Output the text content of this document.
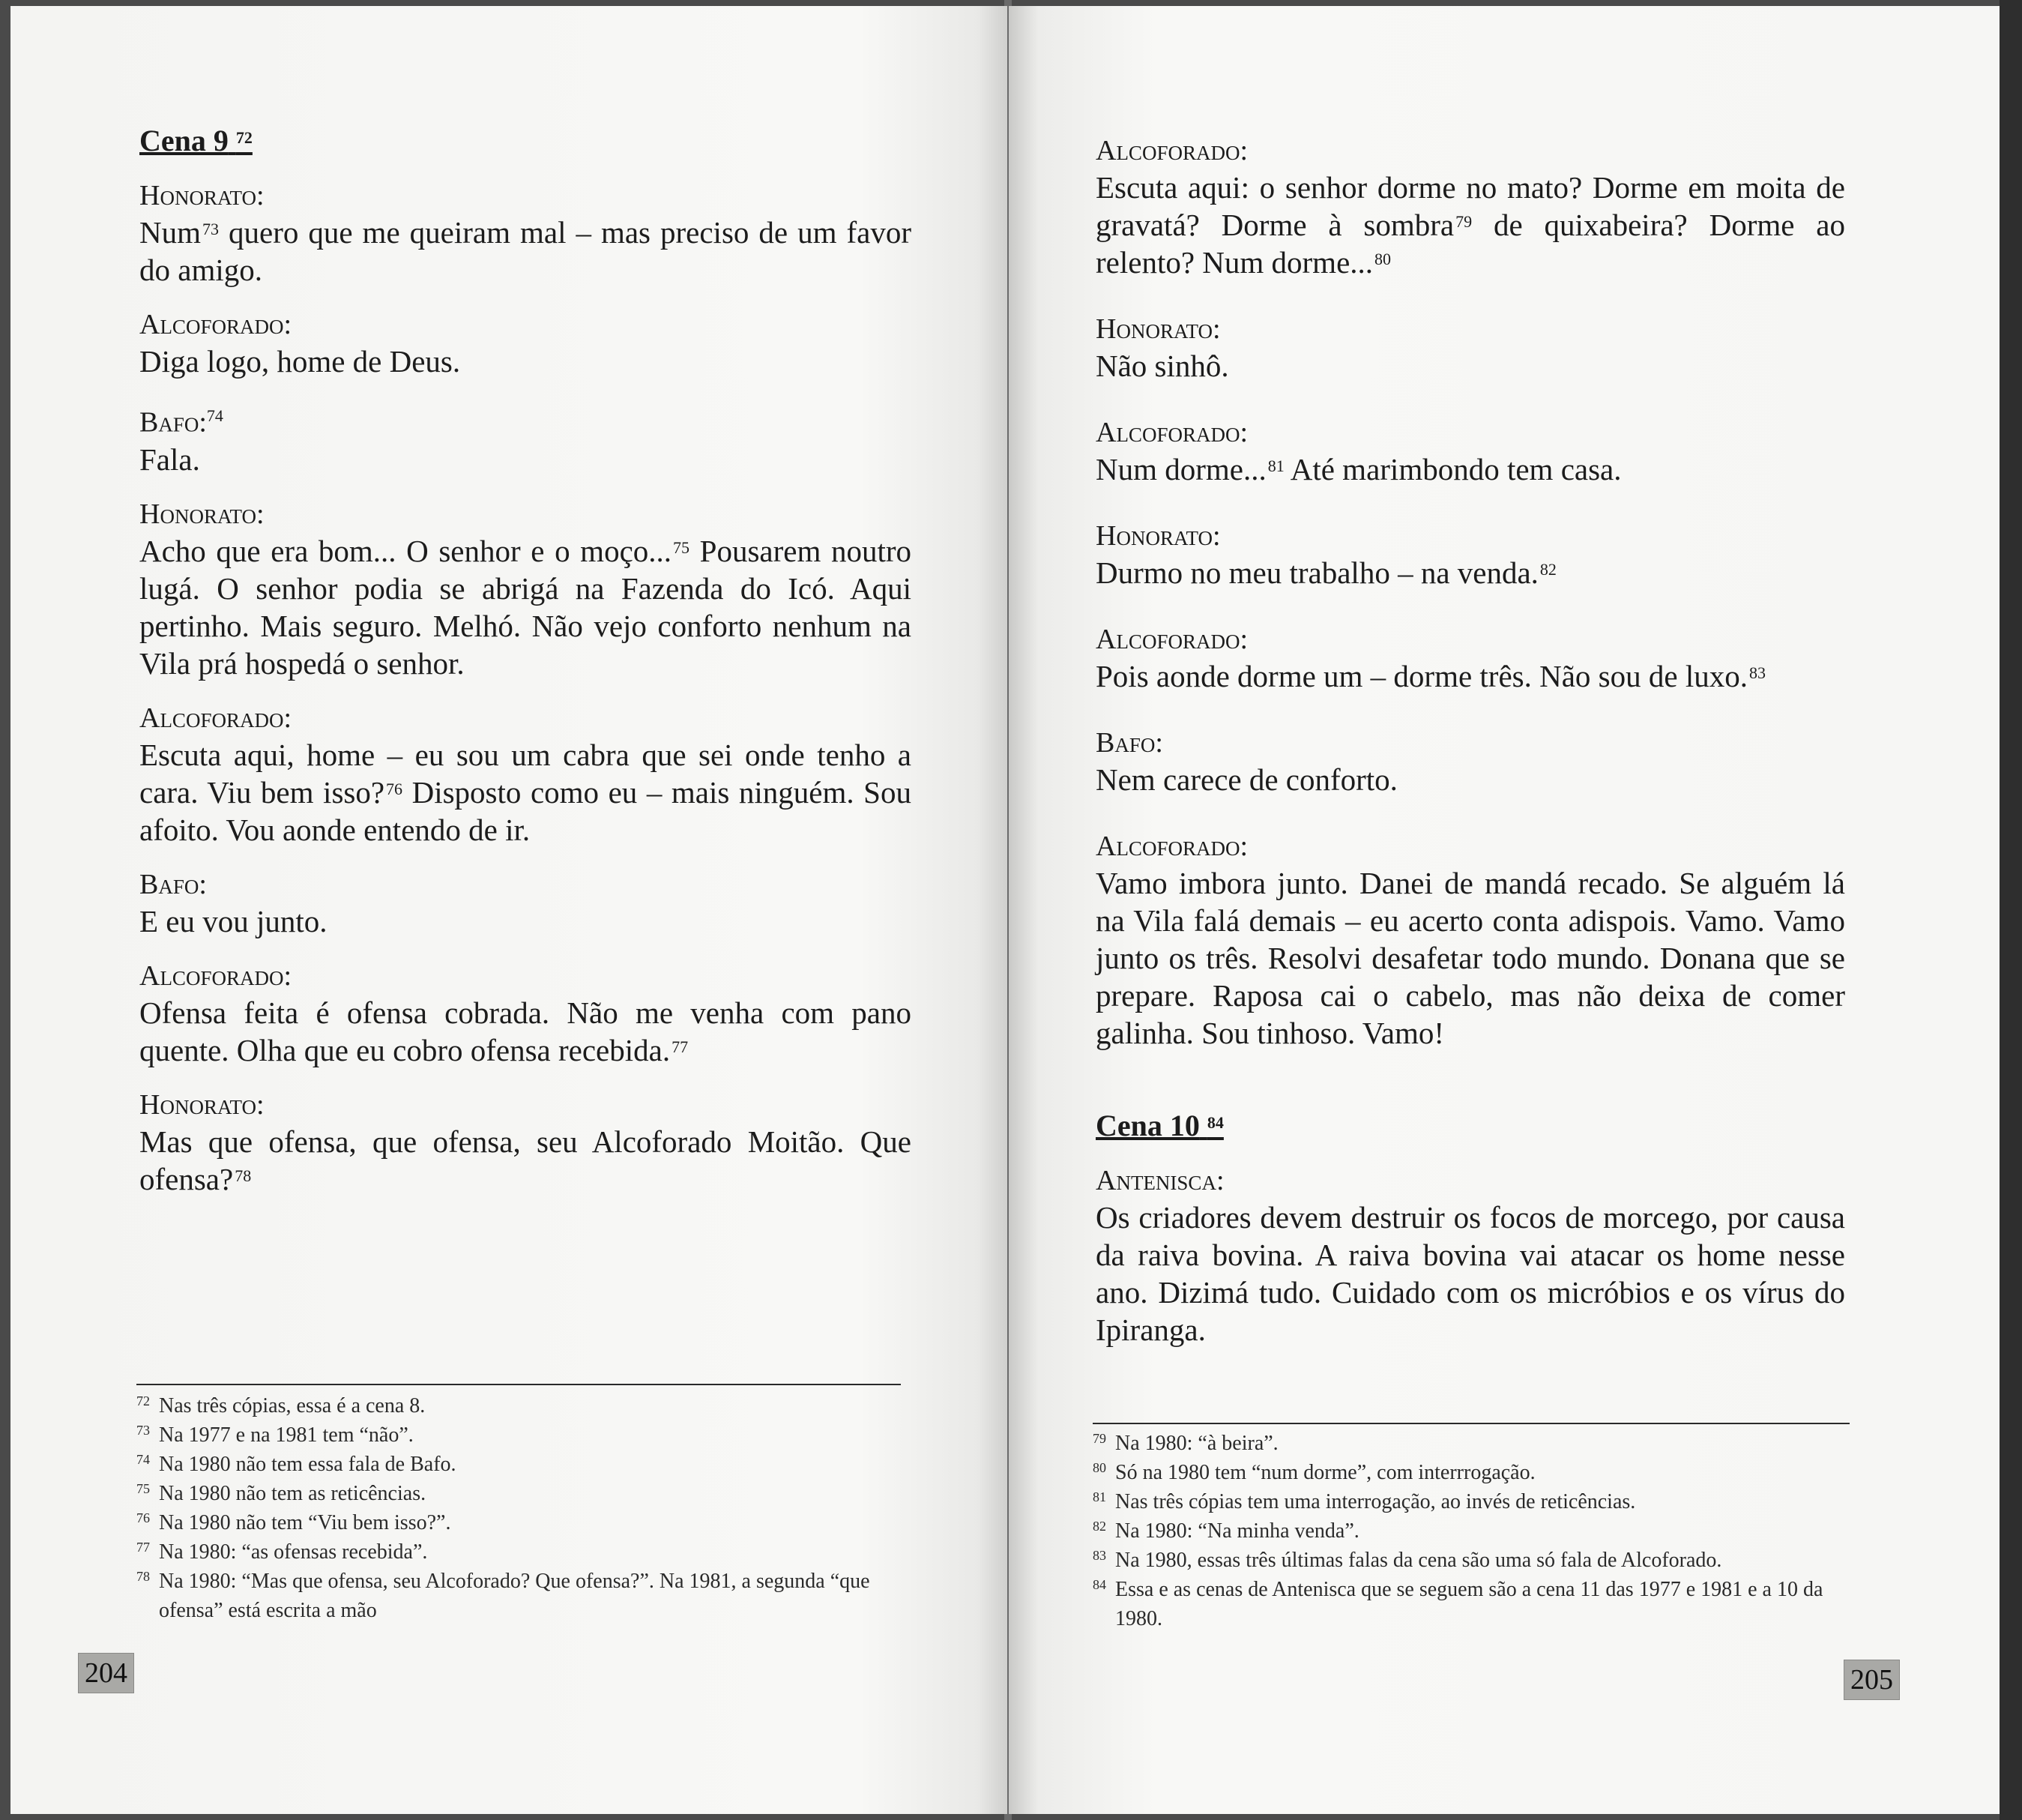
Cena 9 $^{72}$
Honorato:
Num$^{73}$ quero que me queiram mal – mas preciso de um favor do amigo.
Alcoforado:
Diga logo, home de Deus.
Bafo:$^{74}$
Fala.
Honorato:
Acho que era bom... O senhor e o moço...$^{75}$ Pousarem noutro lugá. O senhor podia se abrigá na Fazenda do Icó. Aqui pertinho. Mais seguro. Melhó. Não vejo conforto nenhum na Vila prá hospedá o senhor.
Alcoforado:
Escuta aqui, home – eu sou um cabra que sei onde tenho a cara. Viu bem isso?$^{76}$ Disposto como eu – mais ninguém. Sou afoito. Vou aonde entendo de ir.
Bafo:
E eu vou junto.
Alcoforado:
Ofensa feita é ofensa cobrada. Não me venha com pano quente. Olha que eu cobro ofensa recebida.$^{77}$
Honorato:
Mas que ofensa, que ofensa, seu Alcoforado Moitão. Que ofensa?$^{78}$
72 Nas três cópias, essa é a cena 8.
73 Na 1977 e na 1981 tem “não”.
74 Na 1980 não tem essa fala de Bafo.
75 Na 1980 não tem as reticências.
76 Na 1980 não tem “Viu bem isso?”.
77 Na 1980: “as ofensas recebida”.
78 Na 1980: “Mas que ofensa, seu Alcoforado? Que ofensa?”. Na 1981, a segunda “que ofensa” está escrita a mão
204
Alcoforado:
Escuta aqui: o senhor dorme no mato? Dorme em moita de gravatá? Dorme à sombra$^{79}$ de quixabeira? Dorme ao relento? Num dorme...$^{80}$
Honorato:
Não sinhô.
Alcoforado:
Num dorme...$^{81}$ Até marimbondo tem casa.
Honorato:
Durmo no meu trabalho – na venda.$^{82}$
Alcoforado:
Pois aonde dorme um – dorme três. Não sou de luxo.$^{83}$
Bafo:
Nem carece de conforto.
Alcoforado:
Vamo imbora junto. Danei de mandá recado. Se alguém lá na Vila falá demais – eu acerto conta adispois. Vamo. Vamo junto os três. Resolvi desafetar todo mundo. Donana que se prepare. Raposa cai o cabelo, mas não deixa de comer galinha. Sou tinhoso. Vamo!
Cena 10 $^{84}$
Antenisca:
Os criadores devem destruir os focos de morcego, por causa da raiva bovina. A raiva bovina vai atacar os home nesse ano. Dizimá tudo. Cuidado com os micróbios e os vírus do Ipiranga.
79 Na 1980: “à beira”.
80 Só na 1980 tem “num dorme”, com interrrogação.
81 Nas três cópias tem uma interrogação, ao invés de reticências.
82 Na 1980: “Na minha venda”.
83 Na 1980, essas três últimas falas da cena são uma só fala de Alcoforado.
84 Essa e as cenas de Antenisca que se seguem são a cena 11 das 1977 e 1981 e a 10 da 1980.
205
